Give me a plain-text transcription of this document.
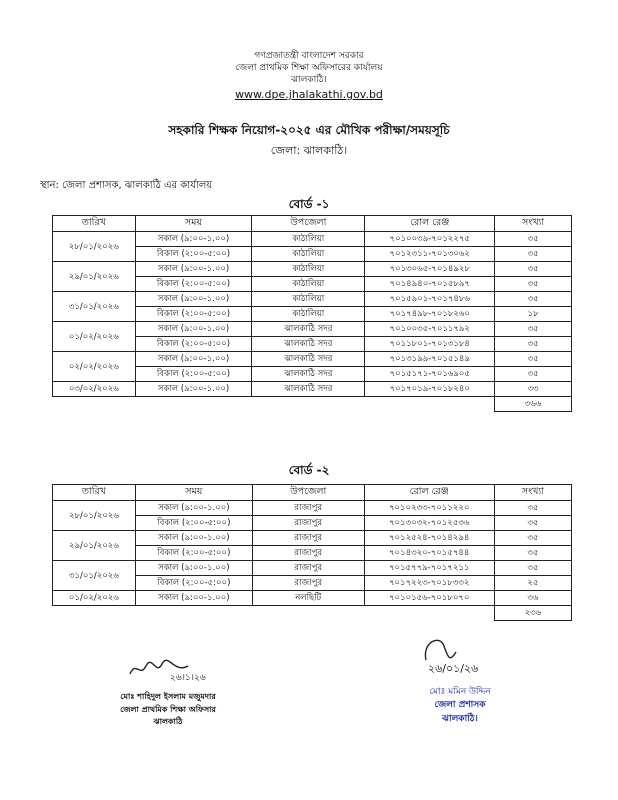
গণপ্রজাতন্ত্রী বাংলাদেশ সরকার
জেলা প্রাথমিক শিক্ষা অফিসারের কার্যালয়
ঝালকাঠি।
www.dpe.jhalakathi.gov.bd
সহকারি শিক্ষক নিয়োগ-২০২৫ এর মৌখিক পরীক্ষা/সময়সূচি
জেলা: ঝালকাঠি।
স্থান: জেলা প্রশাসক, ঝালকাঠি এর কার্যালয়
বোর্ড -১
তারিখ	সময়	উপজেলা	রোল রেঞ্জ	সংখ্যা
২৮/০১/২০২৬	সকাল (৯:০০-১.০০)	কাঠালিয়া	৭০১০০৩৯-৭০১২২৭৫	৩৫
	বিকাল (২:০০-৫:০০)	কাঠালিয়া	৭০১২৩১১-৭০১৩০৬২	৩৫
২৯/০১/২০২৬	সকাল (৯:০০-১.০০)	কাঠালিয়া	৭০১৩০৬৫-৭০১৪৯২৮	৩৫
	বিকাল (২:০০-৫:০০)	কাঠালিয়া	৭০১৪৯৪০-৭০১৫৮৯৭	৩৫
৩১/০১/২০২৬	সকাল (৯:০০-১.০০)	কাঠালিয়া	৭০১৫৯০১-৭০১৭৪৮৬	৩৫
	বিকাল (২:০০-৫:০০)	কাঠালিয়া	৭০১৭৪৯৮-৭০১৮২৬০	১৮
০১/০২/২০২৬	সকাল (৯:০০-১.০০)	ঝালকাঠি সদর	৭০১০০৩৫-৭০১১৭৯২	৩৫
	বিকাল (২:০০-৫:০০)	ঝালকাঠি সদর	৭০১১৮০১-৭০১৩১৮৪	৩৫
০২/০২/২০২৬	সকাল (৯:০০-১.০০)	ঝালকাঠি সদর	৭০১৩১৯৯-৭০১৫১৪৯	৩৫
	বিকাল (২:০০-৫:০০)	ঝালকাঠি সদর	৭০১৫১৭১-৭০১৬৯০৫	৩৫
০৩/০২/২০২৬	সকাল (৯:০০-১.০০)	ঝালকাঠি সদর	৭০১৭০১৯-৭০১৮২৪০	৩৩
				৩৬৬
বোর্ড -২
তারিখ	সময়	উপজেলা	রোল রেঞ্জ	সংখ্যা
২৮/০১/২০২৬	সকাল (৯:০০-১.০০)	রাজাপুর	৭০১০২৩৩-৭০১১২২০	৩৫
	বিকাল (২:০০-৫:০০)	রাজাপুর	৭০১৩০৩২-৭০১২৫৩৬	৩৫
২৯/০১/২০২৬	সকাল (৯:০০-১.০০)	রাজাপুর	৭০১২৫২৪-৭০১৪২৯৪	৩৫
	বিকাল (২:০০-৫:০০)	রাজাপুর	৭০১৪৩২০-৭০১৫৭৪৪	৩৫
৩১/০১/২০২৬	সকাল (৯:০০-১.০০)	রাজাপুর	৭০১৫৭৭৯-৭০১৭২১১	৩৫
	বিকাল (২:০০-৫:০০)	রাজাপুর	৭০১৭২২৩-৭০১৮৩৩২	২৫
০১/০২/২০২৬	সকাল (৯:০০-১.০০)	নলছিটি	৭০১০১৫৬-৭০১৮০৭০	৩৬
				২৩৬
২৬।১।২৬
মোঃ শাহিদুল ইসলাম মজুমদার
জেলা প্রাথমিক শিক্ষা অফিসার
ঝালকাঠি
২৬/০১/২৬
মোঃ মমিন উদ্দিন
জেলা প্রশাসক
ঝালকাঠি।
